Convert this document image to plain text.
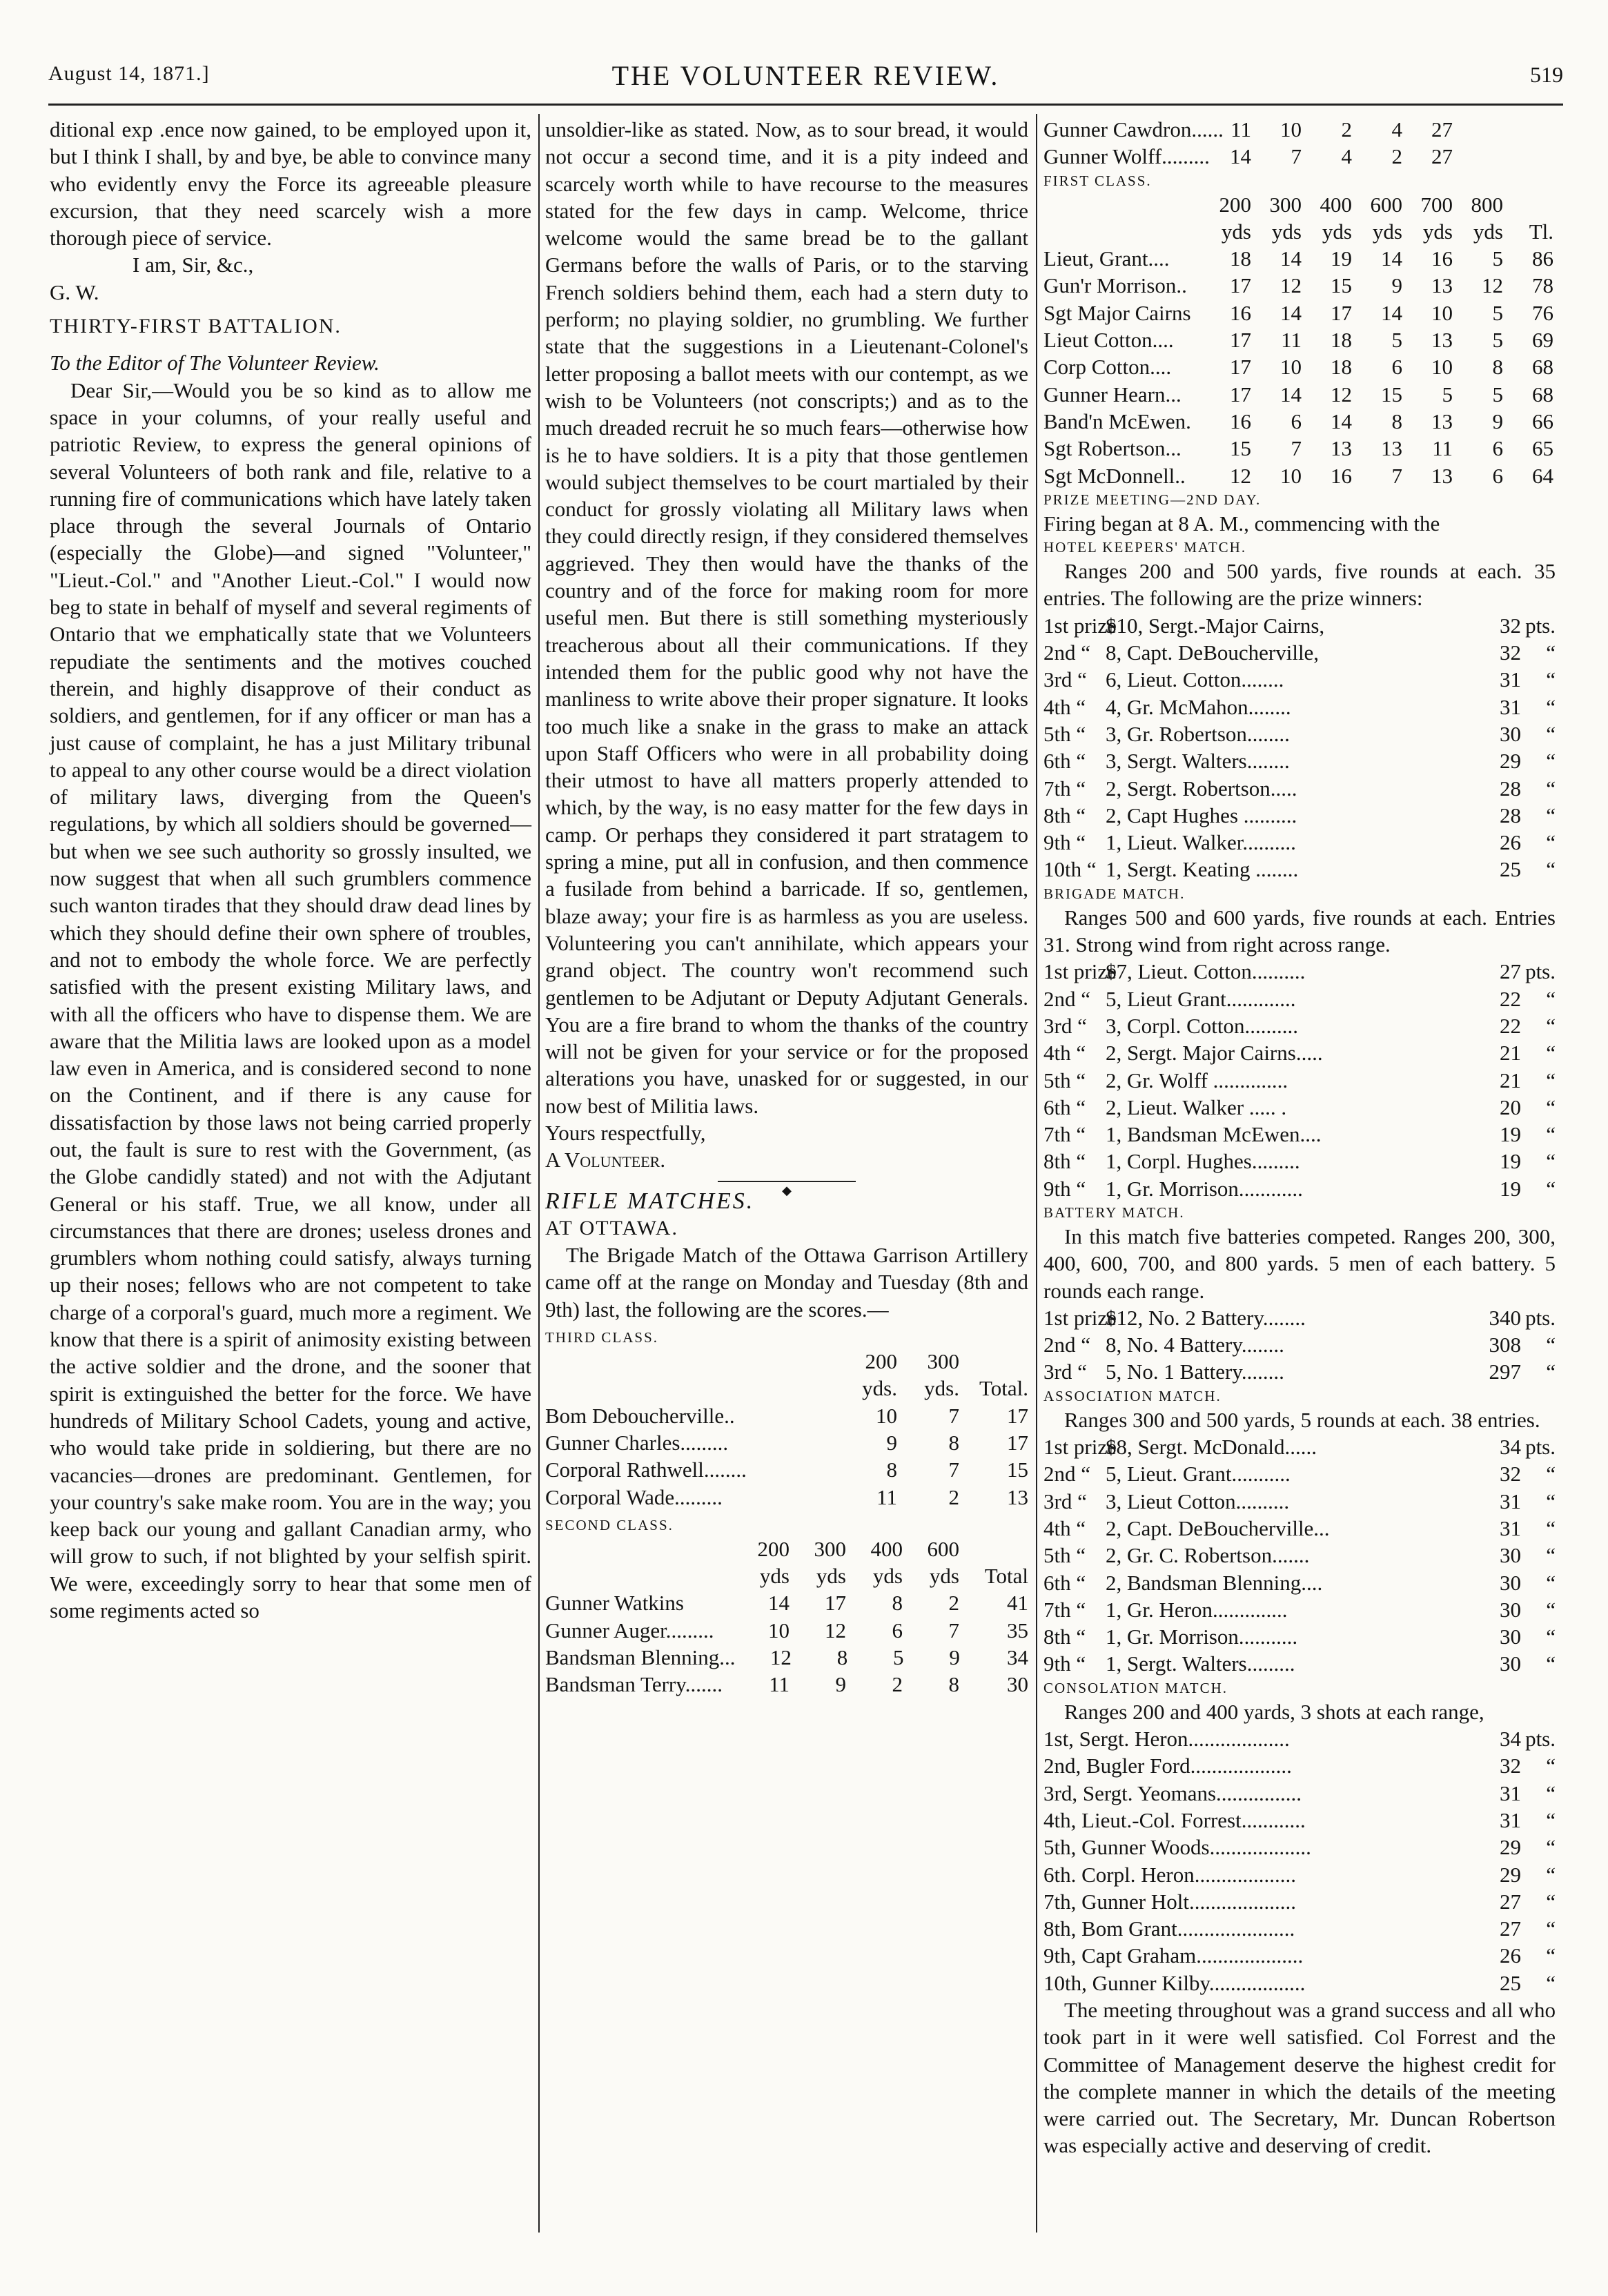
August 14, 1871.]	THE VOLUNTEER REVIEW.	519

ditional exp .ence now gained, to be employed upon it, but I think I shall, by and bye, be able to convince many who evidently envy the Force its agreeable pleasure excursion, that they need scarcely wish a more thorough piece of service.

I am, Sir, &c.,

G. W.

THIRTY-FIRST BATTALION.

To the Editor of The Volunteer Review.

Dear Sir,—Would you be so kind as to allow me space in your columns, of your really useful and patriotic Review, to express the general opinions of several Volunteers of both rank and file, relative to a running fire of communications which have lately taken place through the several Journals of Ontario (especially the Globe)—and signed "Volunteer," "Lieut.-Col." and "Another Lieut.-Col." I would now beg to state in behalf of myself and several regiments of Ontario that we emphatically state that we Volunteers repudiate the sentiments and the motives couched therein, and highly disapprove of their conduct as soldiers, and gentlemen, for if any officer or man has a just cause of complaint, he has a just Military tribunal to appeal to any other course would be a direct violation of military laws, diverging from the Queen's regulations, by which all soldiers should be governed—but when we see such authority so grossly insulted, we now suggest that when all such grumblers commence such wanton tirades that they should draw dead lines by which they should define their own sphere of troubles, and not to embody the whole force. We are perfectly satisfied with the present existing Military laws, and with all the officers who have to dispense them. We are aware that the Militia laws are looked upon as a model law even in America, and is considered second to none on the Continent, and if there is any cause for dissatisfaction by those laws not being carried properly out, the fault is sure to rest with the Government, (as the Globe candidly stated) and not with the Adjutant General or his staff. True, we all know, under all circumstances that there are drones; useless drones and grumblers whom nothing could satisfy, always turning up their noses; fellows who are not competent to take charge of a corporal's guard, much more a regiment. We know that there is a spirit of animosity existing between the active soldier and the drone, and the sooner that spirit is extinguished the better for the force. We have hundreds of Military School Cadets, young and active, who would take pride in soldiering, but there are no vacancies—drones are predominant. Gentlemen, for your country's sake make room. You are in the way; you keep back our young and gallant Canadian army, who will grow to such, if not blighted by your selfish spirit. We were, exceedingly sorry to hear that some men of some regiments acted so

unsoldier-like as stated. Now, as to sour bread, it would not occur a second time, and it is a pity indeed and scarcely worth while to have recourse to the measures stated for the few days in camp. Welcome, thrice welcome would the same bread be to the gallant Germans before the walls of Paris, or to the starving French soldiers behind them, each had a stern duty to perform; no playing soldier, no grumbling. We further state that the suggestions in a Lieutenant-Colonel's letter proposing a ballot meets with our contempt, as we wish to be Volunteers (not conscripts;) and as to the much dreaded recruit he so much fears—otherwise how is he to have soldiers. It is a pity that those gentlemen would subject themselves to be court martialed by their conduct for grossly violating all Military laws when they could directly resign, if they considered themselves aggrieved. They then would have the thanks of the country and of the force for making room for more useful men. But there is still something mysteriously treacherous about all their communications. If they intended them for the public good why not have the manliness to write above their proper signature. It looks too much like a snake in the grass to make an attack upon Staff Officers who were in all probability doing their utmost to have all matters properly attended to which, by the way, is no easy matter for the few days in camp. Or perhaps they considered it part stratagem to spring a mine, put all in confusion, and then commence a fusilade from behind a barricade. If so, gentlemen, blaze away; your fire is as harmless as you are useless. Volunteering you can't annihilate, which appears your grand object. The country won't recommend such gentlemen to be Adjutant or Deputy Adjutant Generals. You are a fire brand to whom the thanks of the country will not be given for your service or for the proposed alterations you have, unasked for or suggested, in our now best of Militia laws.

Yours respectfully,

A Volunteer.

◆

RIFLE MATCHES.

AT OTTAWA.

The Brigade Match of the Ottawa Garrison Artillery came off at the range on Monday and Tuesday (8th and 9th) last, the following are the scores.—

THIRD CLASS.

200	300
yds.	yds. Total.
Bom Deboucherville..	10	7	17
Gunner Charles.........	9	8	17
Corporal Rathwell........	8	7	15
Corporal Wade.........	11	2	13

SECOND CLASS.

200	300	400	600
yds	yds	yds	yds	Total
Gunner Watkins	14	17	8	2	41
Gunner Auger.........	10	12	6	7	35
Bandsman Blenning...	12	8	5	9	34
Bandsman Terry.......	11	9	2	8	30
Gunner Cawdron...... 11	10	2	4	27
Gunner Wolff......... 14	7	4	2	27

FIRST CLASS.

200 300 400 600 700 800
yds yds yds yds yds yds	Tl.
Lieut, Grant....	18	14	19	14	16	5	86
Gun'r Morrison..	17	12	15	9	13	12	78
Sgt Major Cairns	16	14	17	14	10	5	76
Lieut Cotton....	17	11	18	5	13	5	69
Corp Cotton....	17	10	18	6	10	8	68
Gunner Hearn...	17	14	12	15	5	5	68
Band'n McEwen.	16	6	14	8	13	9	66
Sgt Robertson...	15	7	13	13	11	6	65
Sgt McDonnell..	12	10	16	7	13	6	64

PRIZE MEETING—2ND DAY.

Firing began at 8 A. M., commencing with the

HOTEL KEEPERS' MATCH.

Ranges 200 and 500 yards, five rounds at each. 35 entries. The following are the prize winners:

1st prize
$10, Sergt.-Major Cairns,	32 pts.
2nd “ 8, Capt. DeBoucherville,	32	“
3rd “ 6, Lieut. Cotton........	31	“
4th “ 4, Gr. McMahon........	31	“
5th “ 3, Gr. Robertson........	30	“
6th “ 3, Sergt. Walters........	29	“
7th “ 2, Sergt. Robertson.....	28	“
8th “ 2, Capt Hughes ..........	28	“
9th “ 1, Lieut. Walker..........	26	“
10th “ 1, Sergt. Keating ........	25	“

BRIGADE MATCH.

Ranges 500 and 600 yards, five rounds at each. Entries 31. Strong wind from right across range.

1st prize
$7, Lieut. Cotton..........	27 pts.
2nd “ 5, Lieut Grant.............	22	“
3rd “ 3, Corpl. Cotton..........	22	“
4th “ 2, Sergt. Major Cairns.....	21	“
5th “ 2, Gr. Wolff ..............	21	“
6th “ 2, Lieut. Walker ..... .	20	“
7th “ 1, Bandsman McEwen....	19	“
8th “ 1, Corpl. Hughes.........	19	“
9th “ 1, Gr. Morrison............	19	“

BATTERY MATCH.

In this match five batteries competed. Ranges 200, 300, 400, 600, 700, and 800 yards. 5 men of each battery. 5 rounds each range.

1st prize
$12, No. 2 Battery........	340 pts.
2nd “ 8, No. 4 Battery........	308	“
3rd “ 5, No. 1 Battery........	297	“

ASSOCIATION MATCH.

Ranges 300 and 500 yards, 5 rounds at each. 38 entries.

1st prize
$8, Sergt. McDonald......	34 pts.
2nd “ 5, Lieut. Grant...........	32	“
3rd “ 3, Lieut Cotton..........	31	“
4th “ 2, Capt. DeBoucherville...	31	“
5th “ 2, Gr. C. Robertson.......	30	“
6th “ 2, Bandsman Blenning....	30	“
7th “ 1, Gr. Heron..............	30	“
8th “ 1, Gr. Morrison...........	30	“
9th “ 1, Sergt. Walters.........	30	“

CONSOLATION MATCH.

Ranges 200 and 400 yards, 3 shots at each range,

1st, Sergt. Heron...................	34 pts.
2nd, Bugler Ford...................	32	“
3rd, Sergt. Yeomans................	31	“
4th, Lieut.-Col. Forrest............	31	“
5th, Gunner Woods...................	29	“
6th. Corpl. Heron...................	29	“
7th, Gunner Holt....................	27	“
8th, Bom Grant......................	27	“
9th, Capt Graham....................	26	“
10th, Gunner Kilby..................	25	“

The meeting throughout was a grand success and all who took part in it were well satisfied. Col Forrest and the Committee of Management deserve the highest credit for the complete manner in which the details of the meeting were carried out. The Secretary, Mr. Duncan Robertson was especially active and deserving of credit.
